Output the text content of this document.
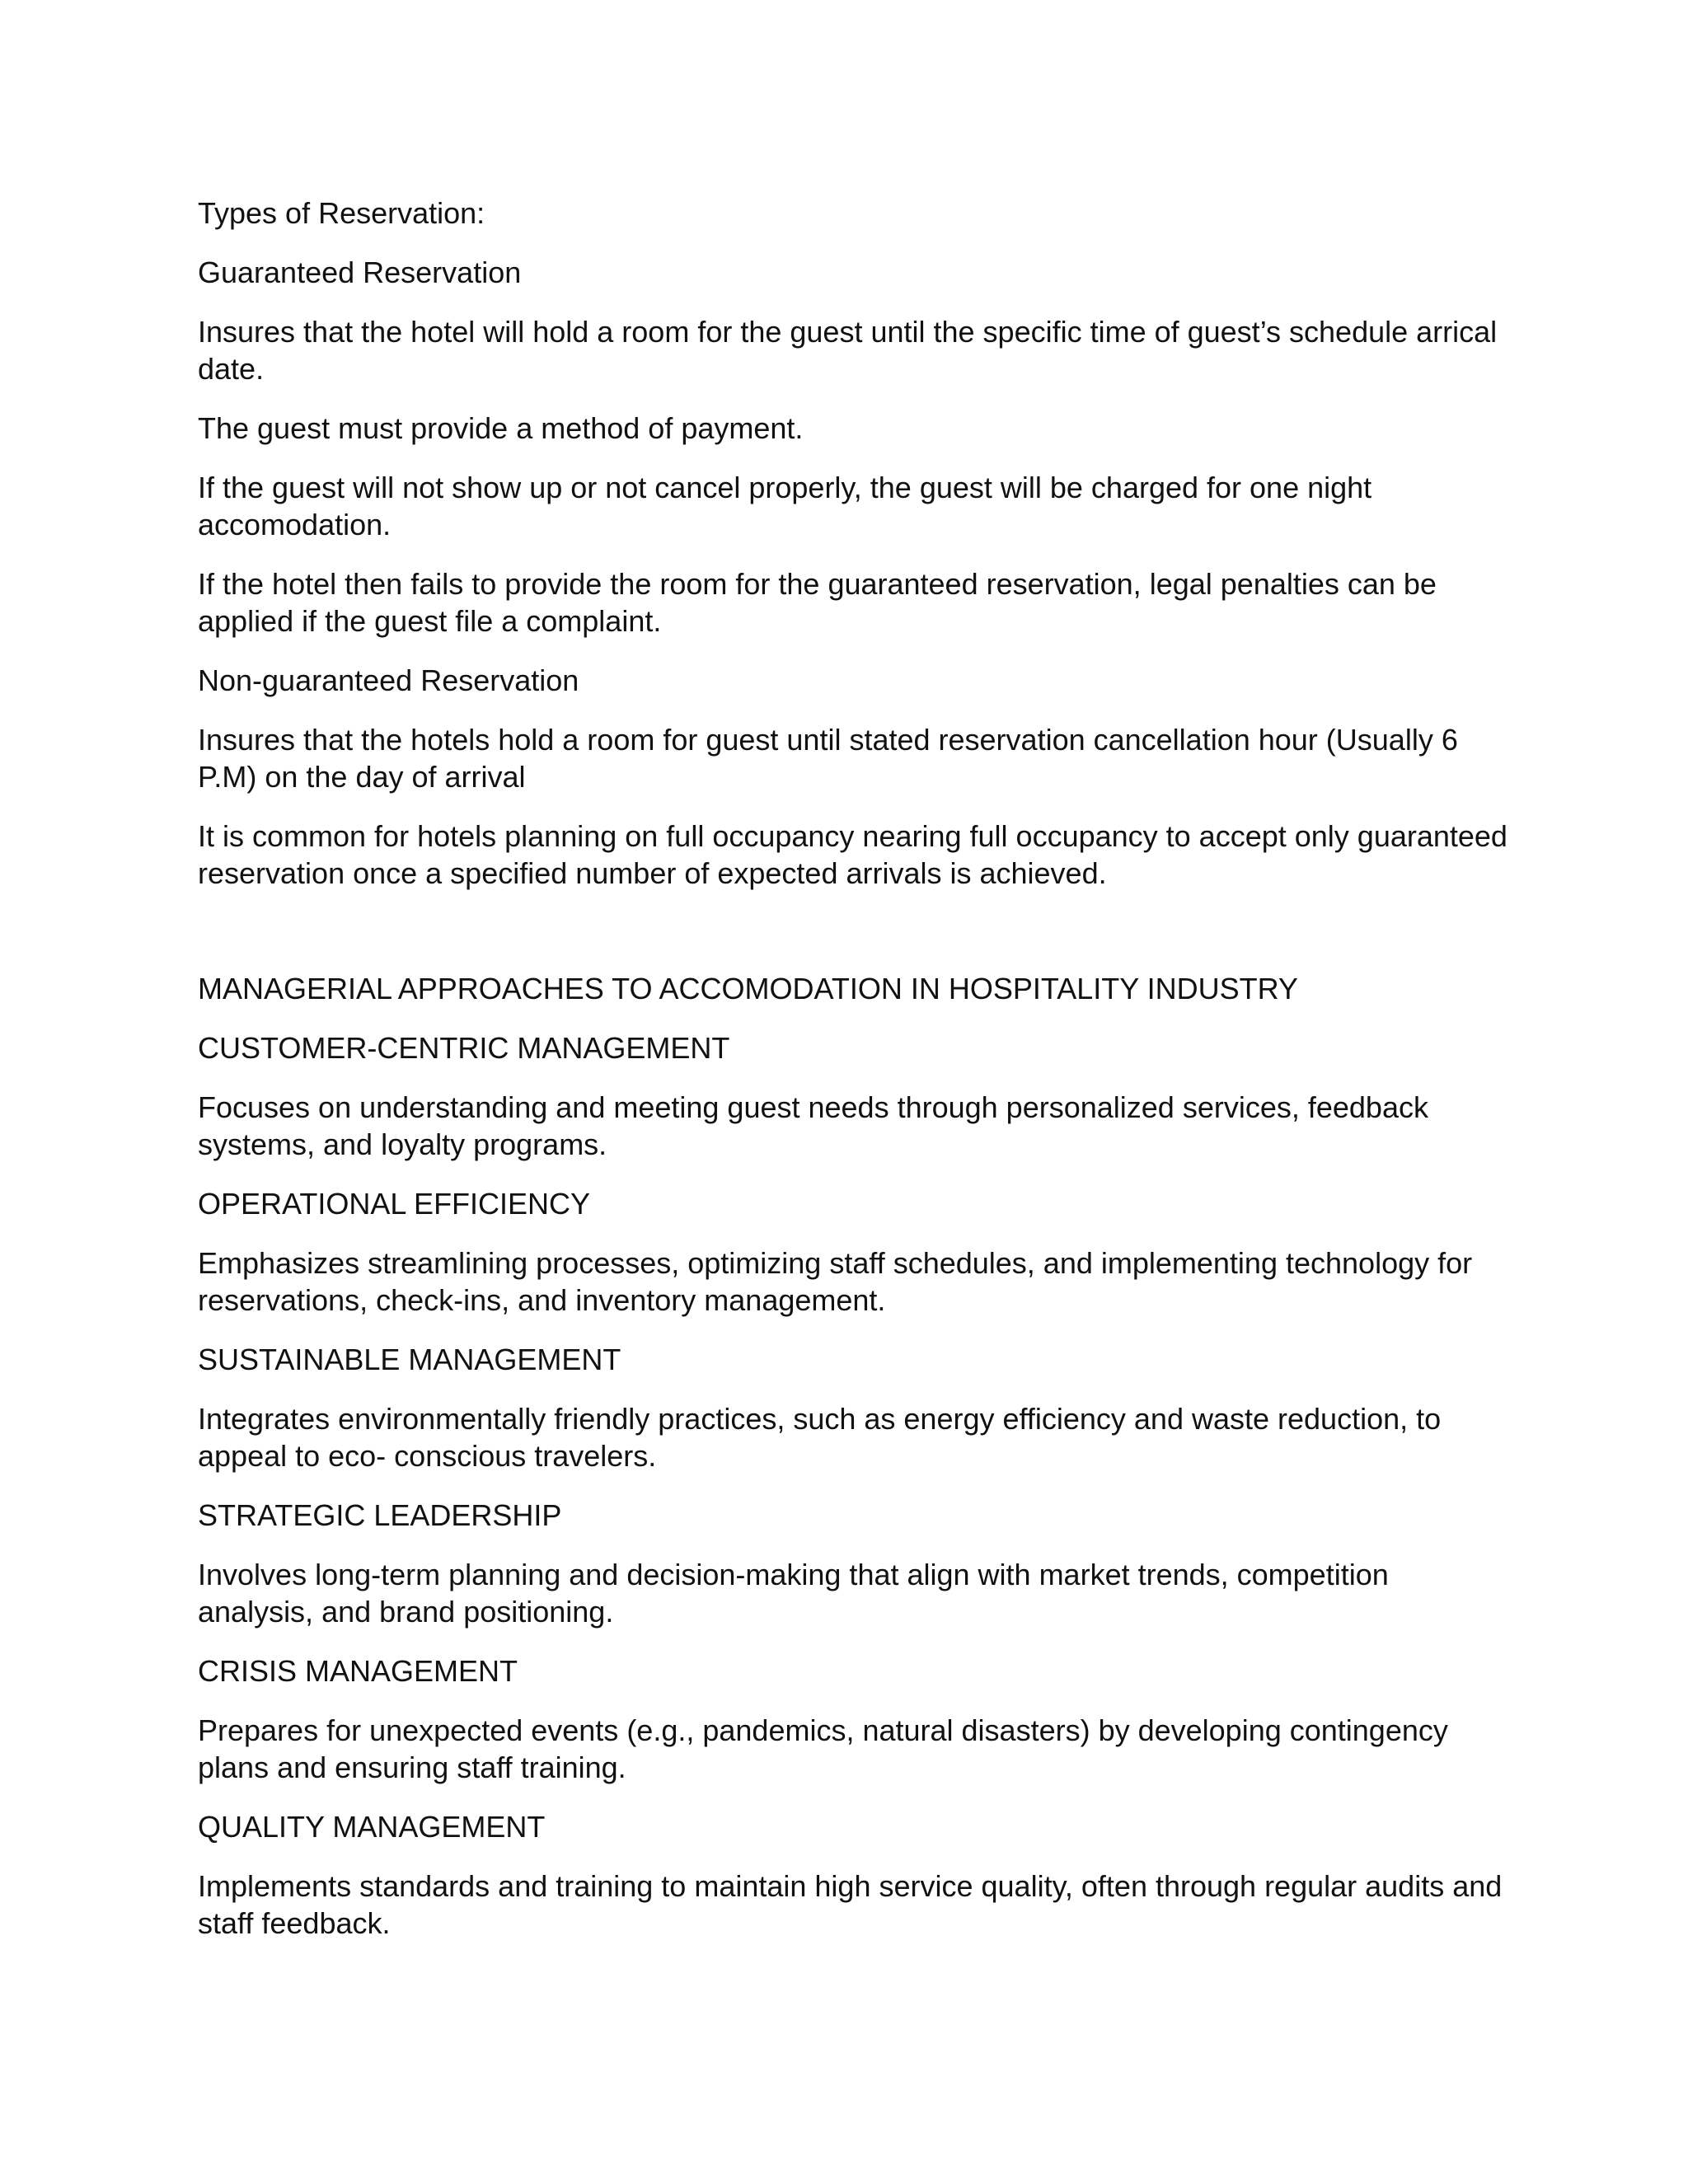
Types of Reservation:

Guaranteed Reservation

Insures that the hotel will hold a room for the guest until the specific time of guest’s schedule arrical date.

The guest must provide a method of payment.

If the guest will not show up or not cancel properly, the guest will be charged for one night accomodation.

If the hotel then fails to provide the room for the guaranteed reservation, legal penalties can be applied if the guest file a complaint.

Non-guaranteed Reservation

Insures that the hotels hold a room for guest until stated reservation cancellation hour (Usually 6 P.M) on the day of arrival

It is common for hotels planning on full occupancy nearing full occupancy to accept only guaranteed reservation once a specified number of expected arrivals is achieved.

MANAGERIAL APPROACHES TO ACCOMODATION IN HOSPITALITY INDUSTRY

CUSTOMER-CENTRIC MANAGEMENT

Focuses on understanding and meeting guest needs through personalized services, feedback systems, and loyalty programs.

OPERATIONAL EFFICIENCY

Emphasizes streamlining processes, optimizing staff schedules, and implementing technology for reservations, check-ins, and inventory management.

SUSTAINABLE MANAGEMENT

Integrates environmentally friendly practices, such as energy efficiency and waste reduction, to appeal to eco- conscious travelers.

STRATEGIC LEADERSHIP

Involves long-term planning and decision-making that align with market trends, competition analysis, and brand positioning.

CRISIS MANAGEMENT

Prepares for unexpected events (e.g., pandemics, natural disasters) by developing contingency plans and ensuring staff training.

QUALITY MANAGEMENT

Implements standards and training to maintain high service quality, often through regular audits and staff feedback.
